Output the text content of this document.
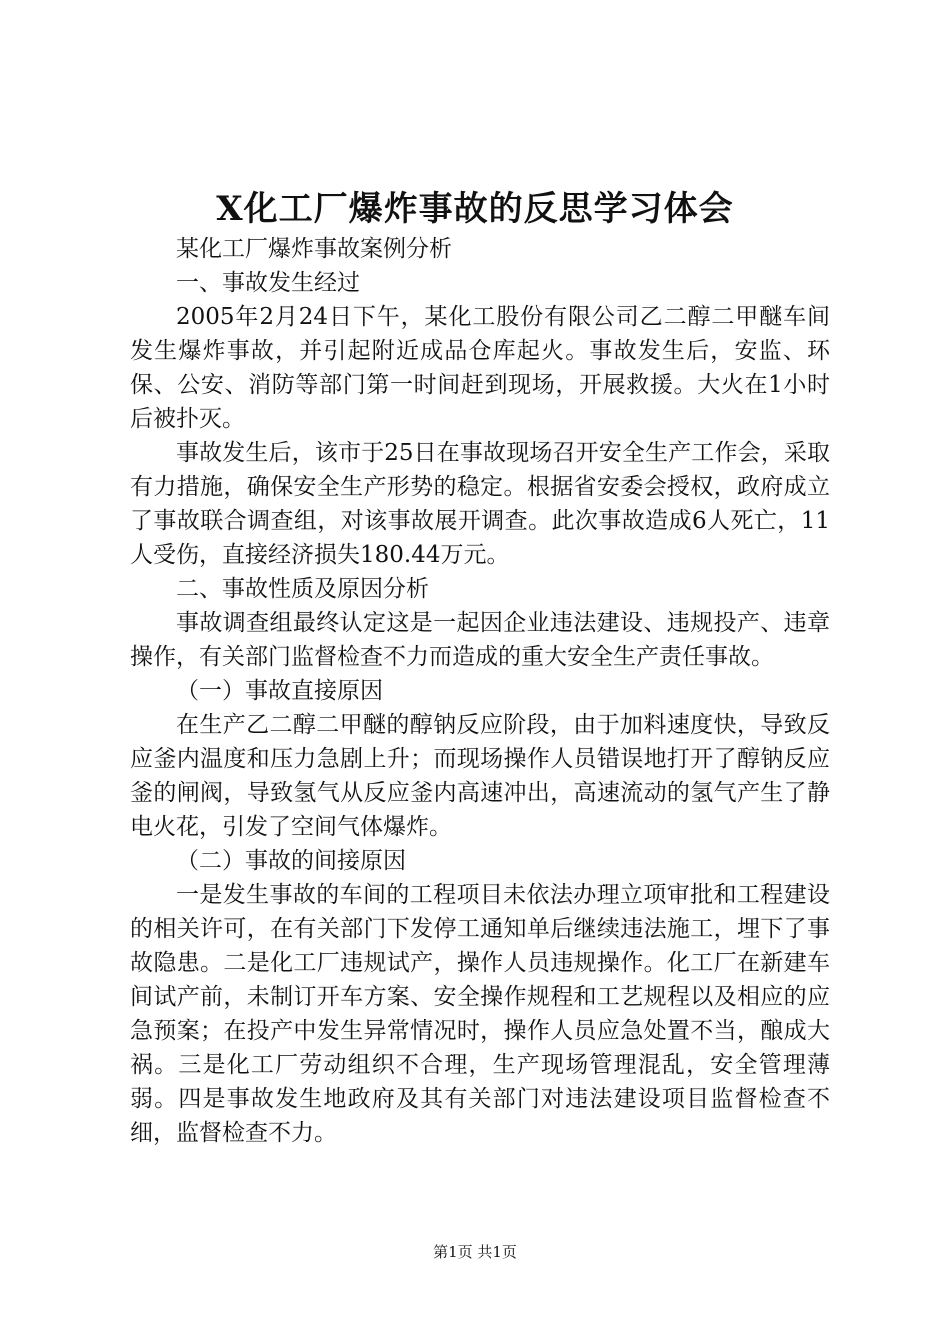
X化工厂爆炸事故的反思学习体会

某化工厂爆炸事故案例分析

一、事故发生经过

2005年2月24日下午，某化工股份有限公司乙二醇二甲醚车间发生爆炸事故，并引起附近成品仓库起火。事故发生后，安监、环保、公安、消防等部门第一时间赶到现场，开展救援。大火在1小时后被扑灭。

事故发生后，该市于25日在事故现场召开安全生产工作会，采取有力措施，确保安全生产形势的稳定。根据省安委会授权，政府成立了事故联合调查组，对该事故展开调查。此次事故造成6人死亡，11人受伤，直接经济损失180.44万元。

二、事故性质及原因分析

事故调查组最终认定这是一起因企业违法建设、违规投产、违章操作，有关部门监督检查不力而造成的重大安全生产责任事故。

（一）事故直接原因

在生产乙二醇二甲醚的醇钠反应阶段，由于加料速度快，导致反应釜内温度和压力急剧上升；而现场操作人员错误地打开了醇钠反应釜的闸阀，导致氢气从反应釜内高速冲出，高速流动的氢气产生了静电火花，引发了空间气体爆炸。

（二）事故的间接原因

一是发生事故的车间的工程项目未依法办理立项审批和工程建设的相关许可，在有关部门下发停工通知单后继续违法施工，埋下了事故隐患。二是化工厂违规试产，操作人员违规操作。化工厂在新建车间试产前，未制订开车方案、安全操作规程和工艺规程以及相应的应急预案；在投产中发生异常情况时，操作人员应急处置不当，酿成大祸。三是化工厂劳动组织不合理，生产现场管理混乱，安全管理薄弱。四是事故发生地政府及其有关部门对违法建设项目监督检查不细，监督检查不力。

第1页 共1页
